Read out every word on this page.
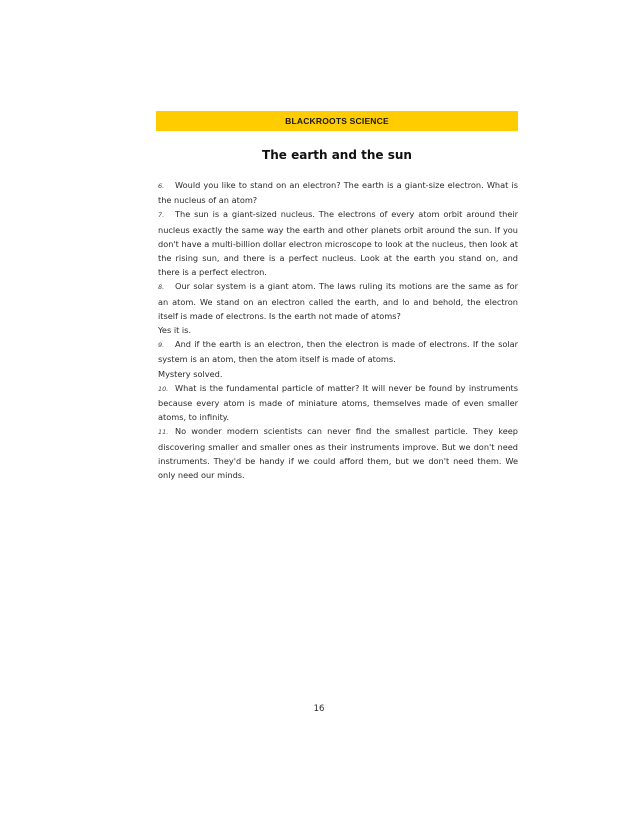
BLACKROOTS SCIENCE
The earth and the sun

6. Would you like to stand on an electron? The earth is a giant-size electron. What is the nucleus of an atom?

7. The sun is a giant-sized nucleus. The electrons of every atom orbit around their nucleus exactly the same way the earth and other planets orbit around the sun. If you don't have a multi-billion dollar electron microscope to look at the nucleus, then look at the rising sun, and there is a perfect nucleus. Look at the earth you stand on, and there is a perfect electron.

8. Our solar system is a giant atom. The laws ruling its motions are the same as for an atom. We stand on an electron called the earth, and lo and behold, the electron itself is made of electrons. Is the earth not made of atoms?

Yes it is.

9. And if the earth is an electron, then the electron is made of electrons. If the solar system is an atom, then the atom itself is made of atoms.

Mystery solved.

10. What is the fundamental particle of matter? It will never be found by instruments because every atom is made of miniature atoms, themselves made of even smaller atoms, to infinity.

11. No wonder modern scientists can never find the smallest particle. They keep discovering smaller and smaller ones as their instruments improve. But we don't need instruments. They'd be handy if we could afford them, but we don't need them. We only need our minds.

16
